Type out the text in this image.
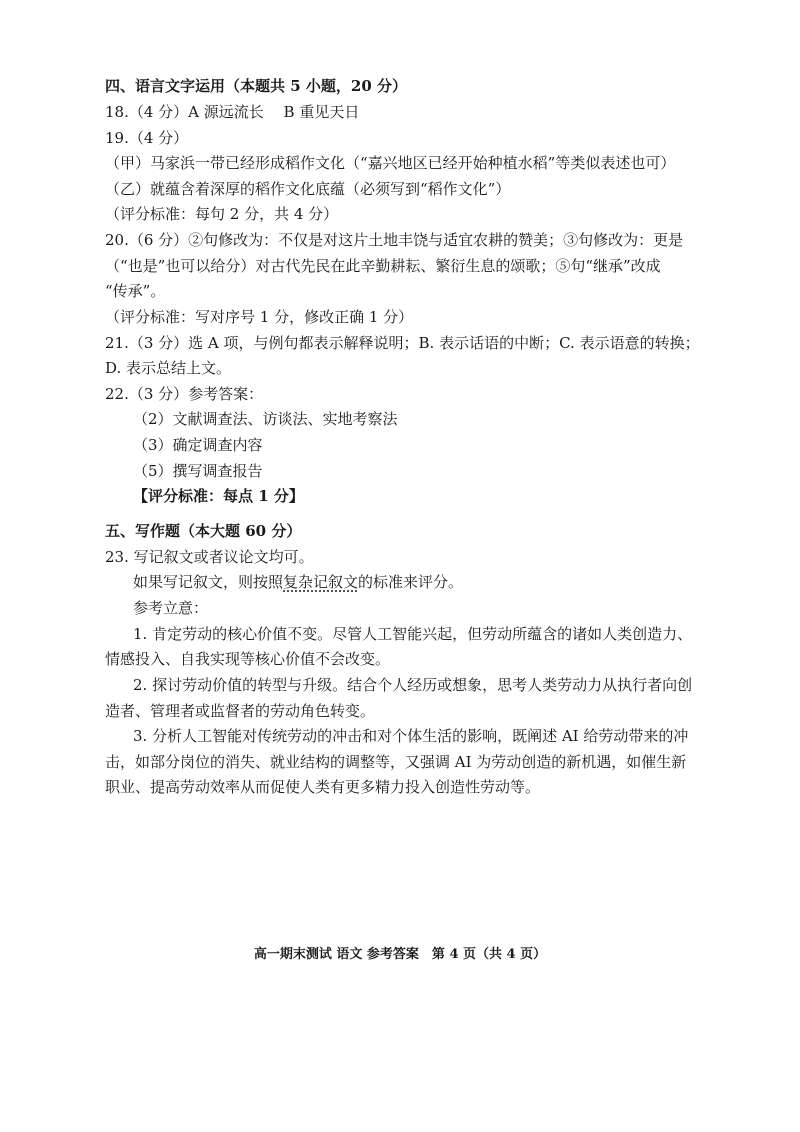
四、语言文字运用（本题共 5 小题，20 分）
18.（4 分）A 源远流长　 B 重见天日
19.（4 分）
（甲）马家浜一带已经形成稻作文化（“嘉兴地区已经开始种植水稻”等类似表述也可）
（乙）就蕴含着深厚的稻作文化底蕴（必须写到“稻作文化”）
（评分标准：每句 2 分，共 4 分）
20.（6 分）②句修改为：不仅是对这片土地丰饶与适宜农耕的赞美；③句修改为：更是
（“也是”也可以给分）对古代先民在此辛勤耕耘、繁衍生息的颂歌；⑤句“继承”改成
“传承”。
（评分标准：写对序号 1 分，修改正确 1 分）
21.（3 分）选 A 项，与例句都表示解释说明；B. 表示话语的中断；C. 表示语意的转换；
D. 表示总结上文。
22.（3 分）参考答案：
（2）文献调查法、访谈法、实地考察法
（3）确定调查内容
（5）撰写调查报告
【评分标准：每点 1 分】
五、写作题（本大题 60 分）
23. 写记叙文或者议论文均可。
如果写记叙文，则按照复杂记叙文的标准来评分。
参考立意：
1. 肯定劳动的核心价值不变。尽管人工智能兴起，但劳动所蕴含的诸如人类创造力、
情感投入、自我实现等核心价值不会改变。
2. 探讨劳动价值的转型与升级。结合个人经历或想象，思考人类劳动力从执行者向创
造者、管理者或监督者的劳动角色转变。
3. 分析人工智能对传统劳动的冲击和对个体生活的影响，既阐述 AI 给劳动带来的冲
击，如部分岗位的消失、就业结构的调整等，又强调 AI 为劳动创造的新机遇，如催生新
职业、提高劳动效率从而促使人类有更多精力投入创造性劳动等。
高一期末测试 语文 参考答案　第 4 页（共 4 页）
